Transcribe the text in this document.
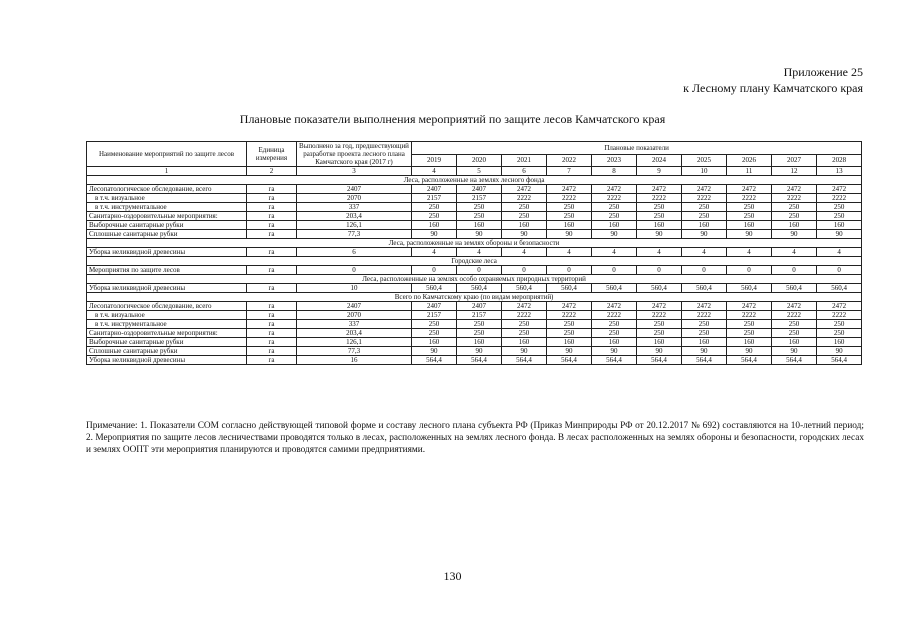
Приложение 25
к Лесному плану Камчатского края
Плановые показатели выполнения мероприятий по защите лесов Камчатского края
Наименование мероприятий по защите лесов	Единица измерения	Выполнено за год, предшествующий разработке проекта лесного плана Камчатского края (2017 г)	Плановые показатели									
			2019	2020	2021	2022	2023	2024	2025	2026	2027	2028
1	2	3	4	5	6	7	8	9	10	11	12	13
Леса, расположенные на землях лесного фонда												
Лесопатологическое обследование, всего	га	2407	2407	2407	2472	2472	2472	2472	2472	2472	2472	2472
в т.ч. визуальное	га	2070	2157	2157	2222	2222	2222	2222	2222	2222	2222	2222
в т.ч. инструментальное	га	337	250	250	250	250	250	250	250	250	250	250
Санитарно-оздоровительные мероприятия:	га	203,4	250	250	250	250	250	250	250	250	250	250
Выборочные санитарные рубки	га	126,1	160	160	160	160	160	160	160	160	160	160
Сплошные санитарные рубки	га	77,3	90	90	90	90	90	90	90	90	90	90
Леса, расположенные на землях обороны и безопасности												
Уборка неликвидной древесины	га	6	4	4	4	4	4	4	4	4	4	4
Городские леса												
Мероприятия по защите лесов	га	0	0	0	0	0	0	0	0	0	0	0
Леса, расположенные на землях особо охраняемых природных территорий												
Уборка неликвидной древесины	га	10	560,4	560,4	560,4	560,4	560,4	560,4	560,4	560,4	560,4	560,4
Всего по Камчатскому краю (по видам мероприятий)												
Лесопатологическое обследование, всего	га	2407	2407	2407	2472	2472	2472	2472	2472	2472	2472	2472
в т.ч. визуальное	га	2070	2157	2157	2222	2222	2222	2222	2222	2222	2222	2222
в т.ч. инструментальное	га	337	250	250	250	250	250	250	250	250	250	250
Санитарно-оздоровительные мероприятия:	га	203,4	250	250	250	250	250	250	250	250	250	250
Выборочные санитарные рубки	га	126,1	160	160	160	160	160	160	160	160	160	160
Сплошные санитарные рубки	га	77,3	90	90	90	90	90	90	90	90	90	90
Уборка неликвидной древесины	га	16	564,4	564,4	564,4	564,4	564,4	564,4	564,4	564,4	564,4	564,4
Примечание: 1. Показатели СОМ согласно действующей типовой форме и составу лесного плана субъекта РФ (Приказ Минприроды РФ от 20.12.2017 № 692) составляются на 10-летний период; 2. Мероприятия по защите лесов лесничествами проводятся только в лесах, расположенных на землях лесного фонда. В лесах расположенных на землях обороны и безопасности, городских лесах и землях ООПТ эти мероприятия планируются и проводятся самими предприятиями.
130
